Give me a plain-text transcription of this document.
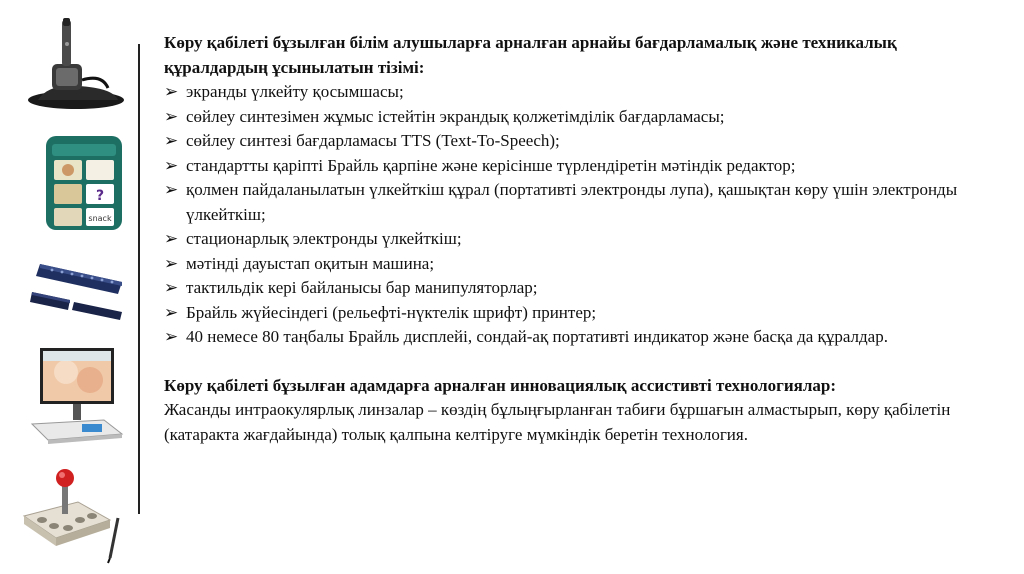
?
snack

Көру қабілеті бұзылған білім алушыларға арналған арнайы бағдарламалық және техникалық құралдардың ұсынылатын тізімі:

➢ экранды үлкейту қосымшасы;
➢ сөйлеу синтезімен жұмыс істейтін экрандық қолжетімділік бағдарламасы;
➢ сөйлеу синтезі бағдарламасы TTS (Text-To-Speech);
➢ стандартты қаріпті Брайль қарпіне және керісінше түрлендіретін мәтіндік редактор;
➢ қолмен пайдаланылатын үлкейткіш құрал (портативті электронды лупа), қашықтан көру үшін электронды үлкейткіш;
➢ стационарлық электронды үлкейткіш;
➢ мәтінді дауыстап оқитын машина;
➢ тактильдік кері байланысы бар манипуляторлар;
➢ Брайль жүйесіндегі (рельефті-нүктелік шрифт) принтер;
➢ 40 немесе 80 таңбалы Брайль дисплейі, сондай-ақ портативті индикатор және басқа да құралдар.

Көру қабілеті бұзылған адамдарға арналған инновациялық ассистивті технологиялар:

Жасанды интраокулярлық линзалар – көздің бұлыңғырланған табиғи бұршағын алмастырып, көру қабілетін (катаракта жағдайында) толық қалпына келтіруге мүмкіндік беретін технология.
